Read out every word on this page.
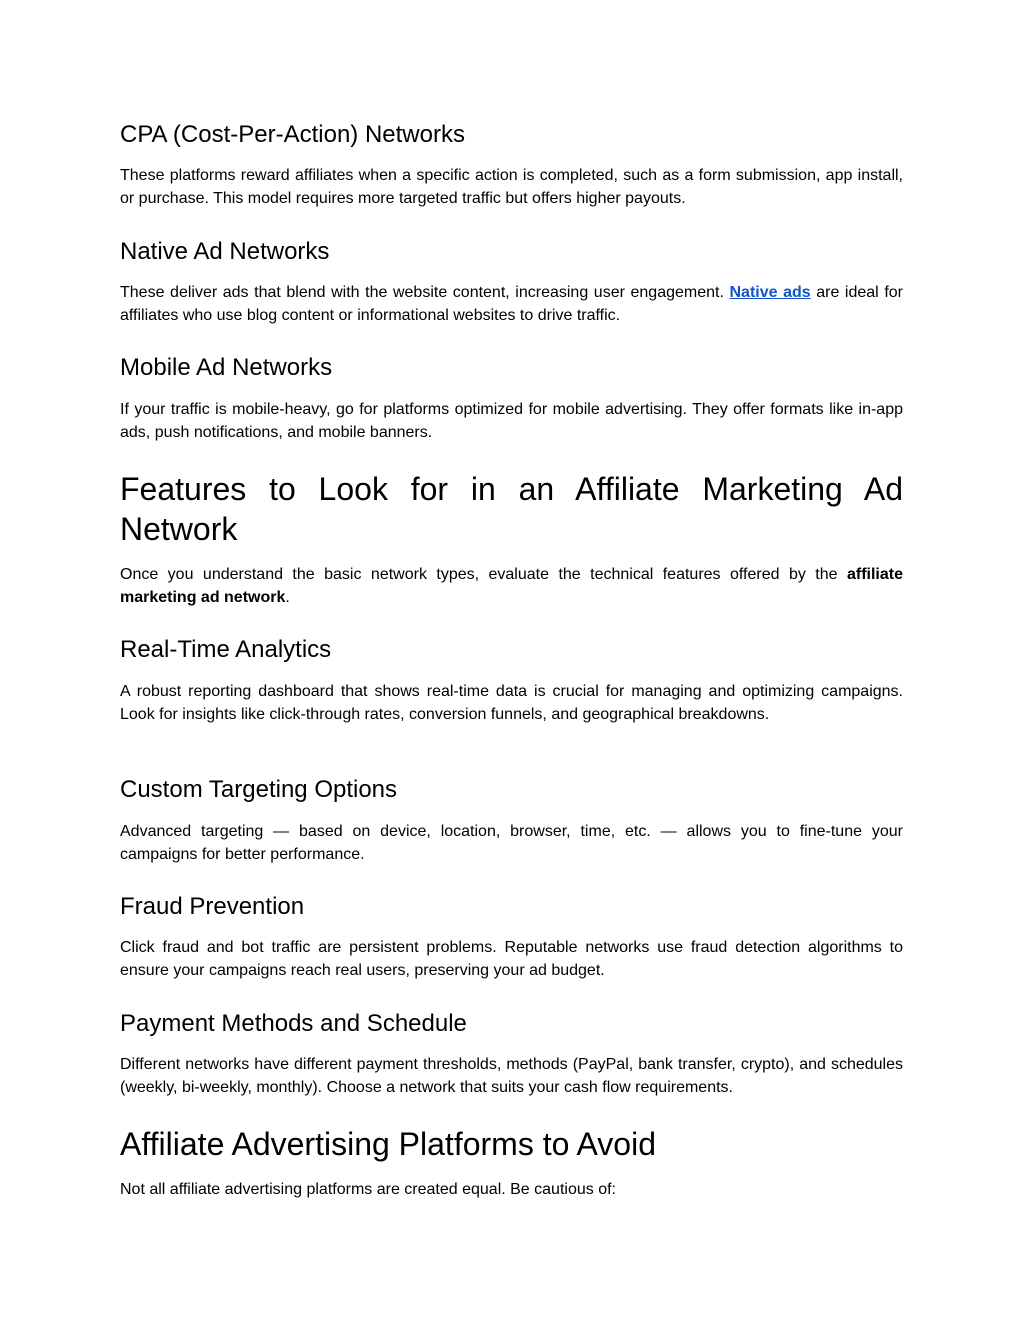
CPA (Cost-Per-Action) Networks

These platforms reward affiliates when a specific action is completed, such as a form submission, app install, or purchase. This model requires more targeted traffic but offers higher payouts.

Native Ad Networks

These deliver ads that blend with the website content, increasing user engagement. Native ads are ideal for affiliates who use blog content or informational websites to drive traffic.

Mobile Ad Networks

If your traffic is mobile-heavy, go for platforms optimized for mobile advertising. They offer formats like in-app ads, push notifications, and mobile banners.

Features to Look for in an Affiliate Marketing Ad
Network

Once you understand the basic network types, evaluate the technical features offered by the affiliate marketing ad network.

Real-Time Analytics

A robust reporting dashboard that shows real-time data is crucial for managing and optimizing campaigns. Look for insights like click-through rates, conversion funnels, and geographical breakdowns.

Custom Targeting Options

Advanced targeting — based on device, location, browser, time, etc. — allows you to fine-tune your campaigns for better performance.

Fraud Prevention

Click fraud and bot traffic are persistent problems. Reputable networks use fraud detection algorithms to ensure your campaigns reach real users, preserving your ad budget.

Payment Methods and Schedule

Different networks have different payment thresholds, methods (PayPal, bank transfer, crypto), and schedules (weekly, bi-weekly, monthly). Choose a network that suits your cash flow requirements.

Affiliate Advertising Platforms to Avoid

Not all affiliate advertising platforms are created equal. Be cautious of:
